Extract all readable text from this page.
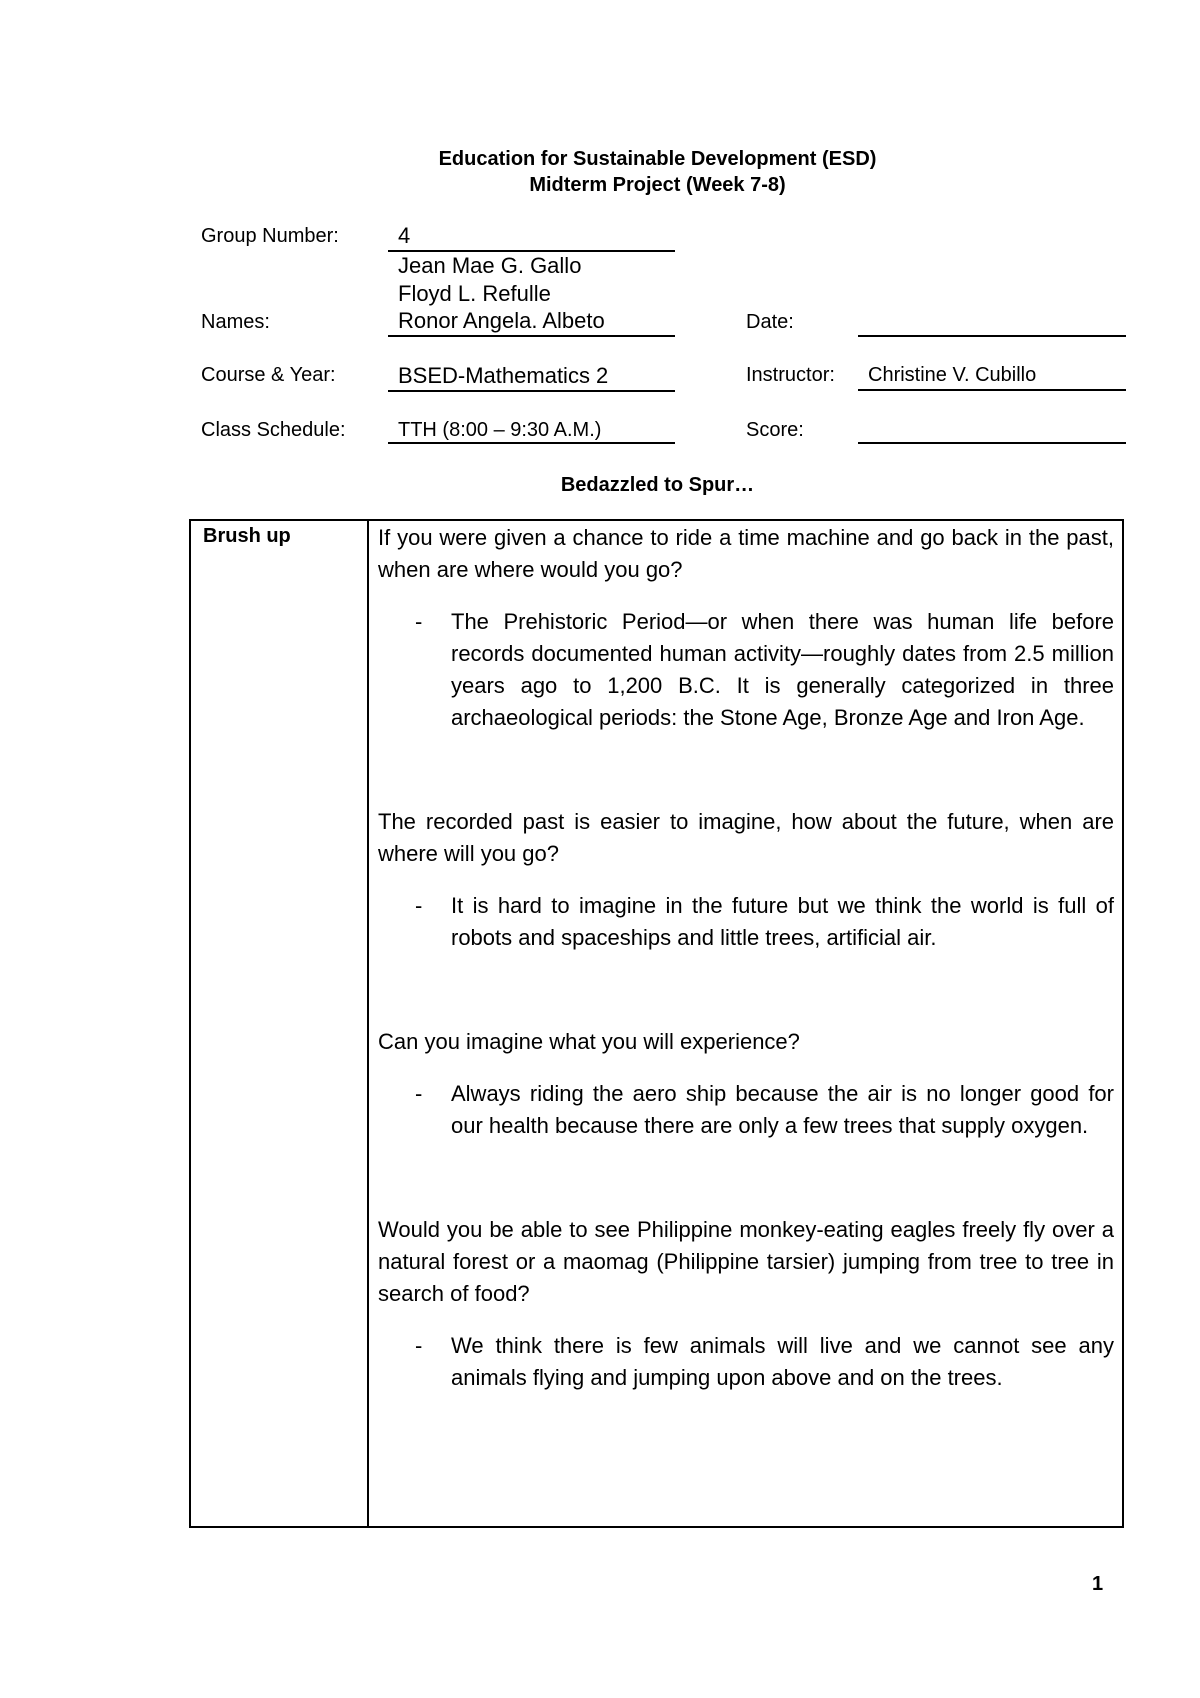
Education for Sustainable Development (ESD)
Midterm Project (Week 7-8)
Group Number:	4
Jean Mae G. Gallo
Floyd L. Refulle
Names:	Ronor Angela. Albeto	Date:
Course & Year:	BSED-Mathematics 2	Instructor: Christine V. Cubillo
Class Schedule:	TTH (8:00 – 9:30 A.M.)	Score:
Bedazzled to Spur…
Brush up	If you were given a chance to ride a time machine and go back in the past, when are where would you go?

- The Prehistoric Period—or when there was human life before records documented human activity—roughly dates from 2.5 million years ago to 1,200 B.C. It is generally categorized in three archaeological periods: the Stone Age, Bronze Age and Iron Age.

The recorded past is easier to imagine, how about the future, when are where will you go?

- It is hard to imagine in the future but we think the world is full of robots and spaceships and little trees, artificial air.

Can you imagine what you will experience?

- Always riding the aero ship because the air is no longer good for our health because there are only a few trees that supply oxygen.

Would you be able to see Philippine monkey-eating eagles freely fly over a natural forest or a maomag (Philippine tarsier) jumping from tree to tree in search of food?

- We think there is few animals will live and we cannot see any animals flying and jumping upon above and on the trees.
1
